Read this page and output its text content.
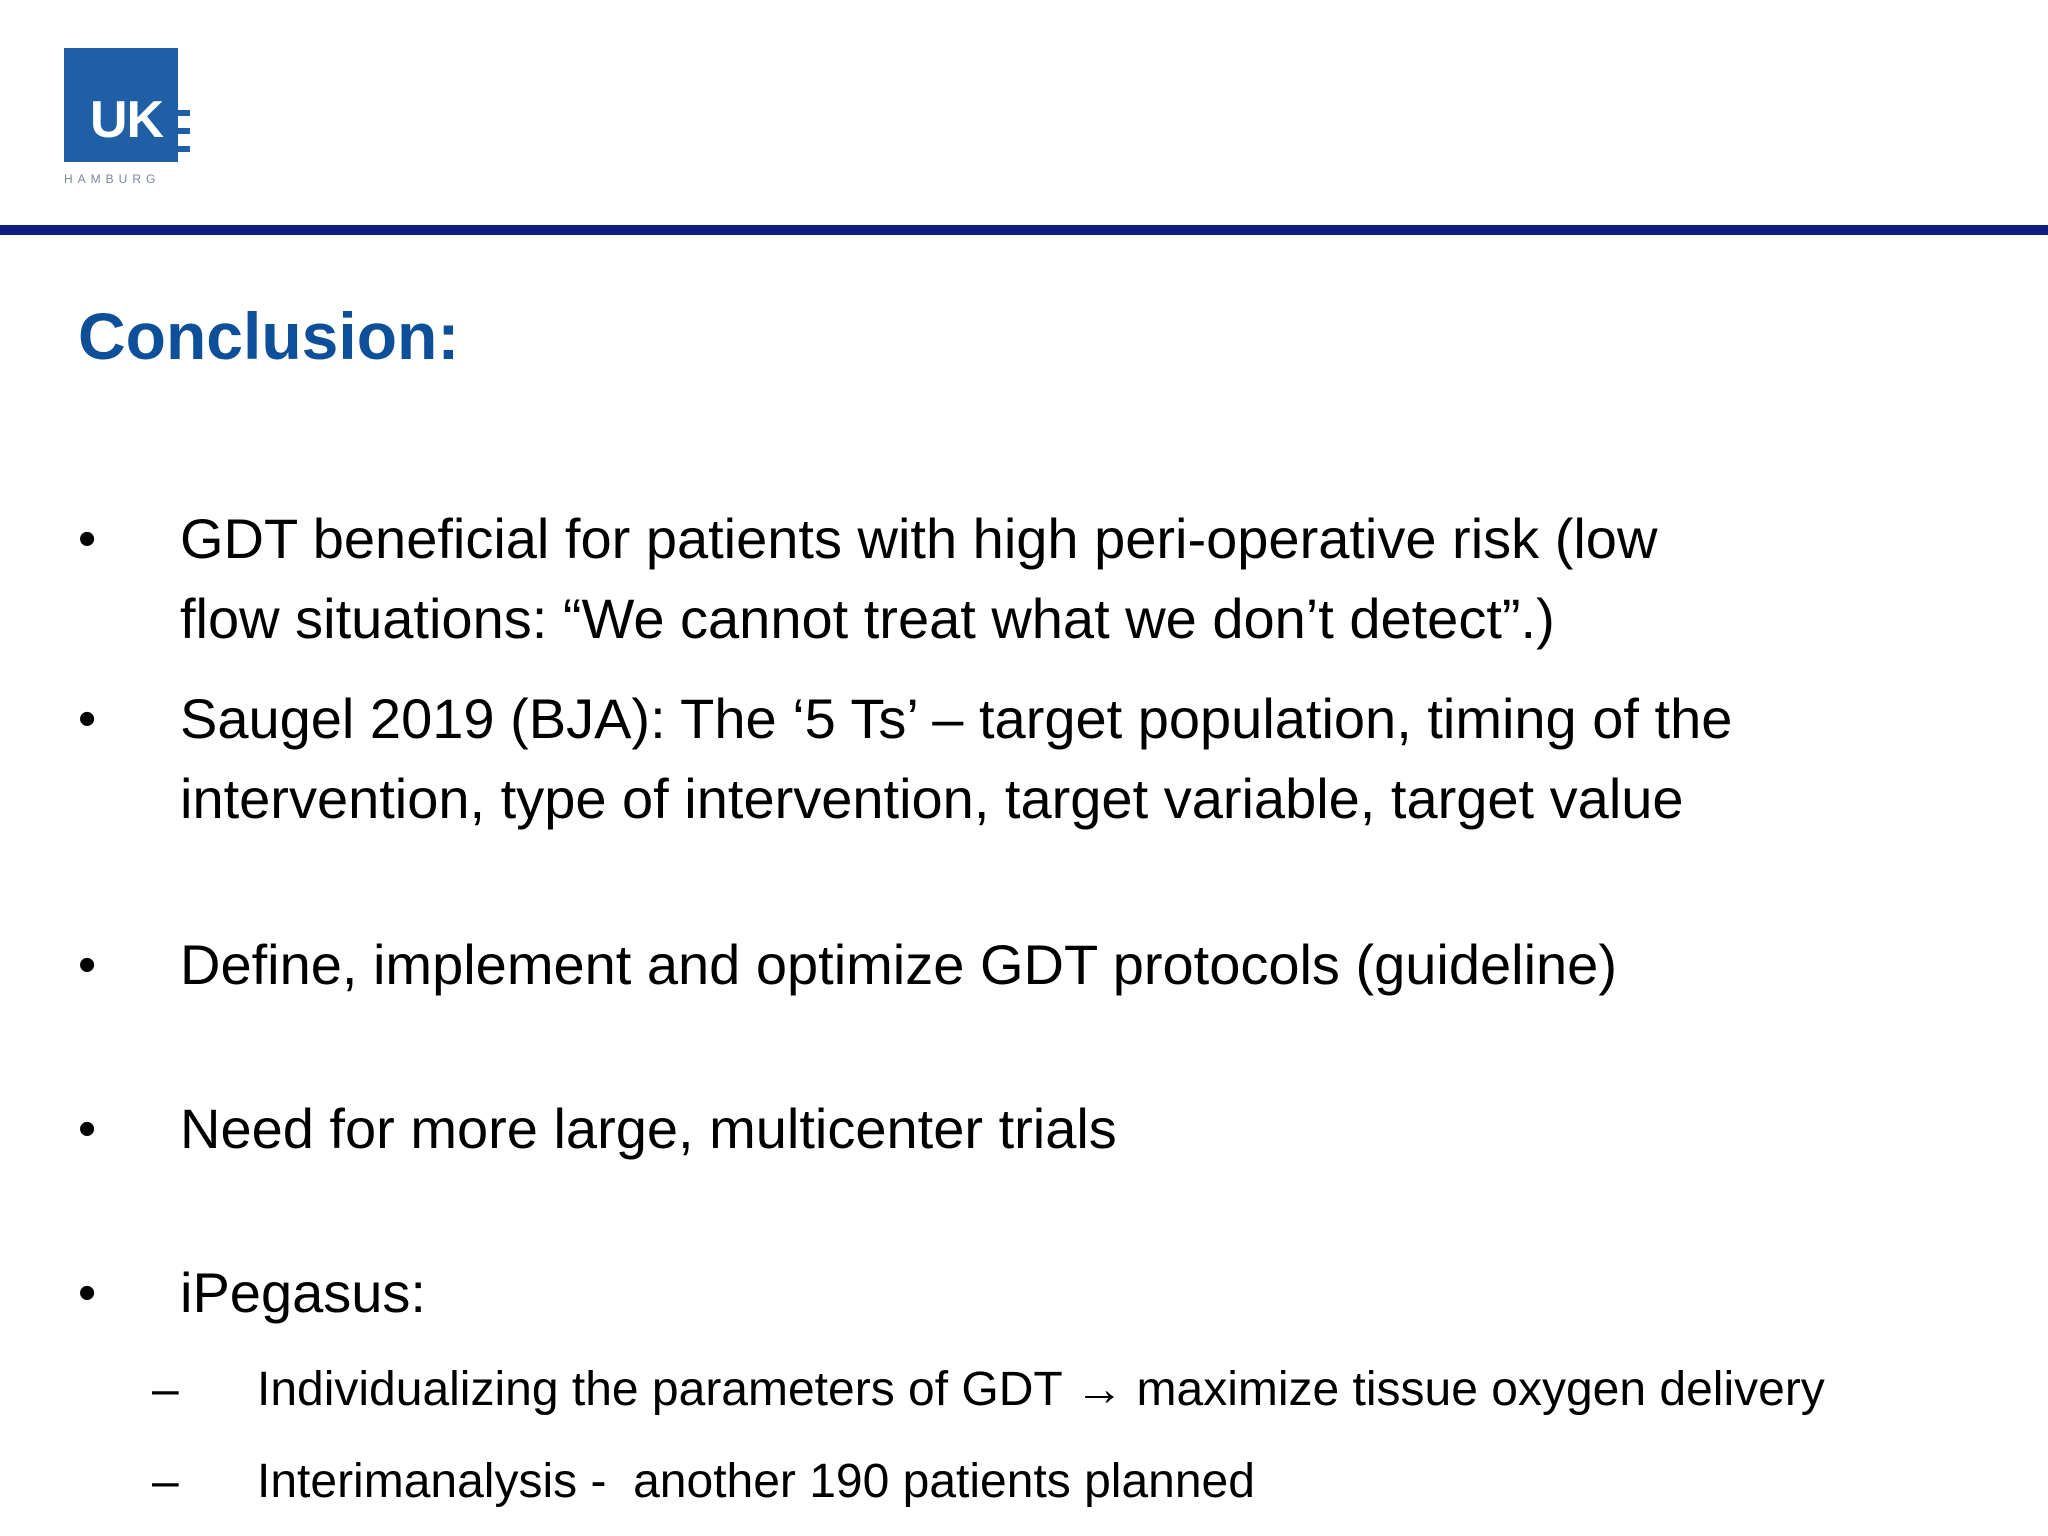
UK
HAMBURG
Conclusion:
• GDT beneficial for patients with high peri-operative risk (low
flow situations: “We cannot treat what we don’t detect”.)
• Saugel 2019 (BJA): The ‘5 Ts’ – target population, timing of the
intervention, type of intervention, target variable, target value
• Define, implement and optimize GDT protocols (guideline)
• Need for more large, multicenter trials
• iPegasus:
– Individualizing the parameters of GDT → maximize tissue oxygen delivery
– Interimanalysis -  another 190 patients planned
